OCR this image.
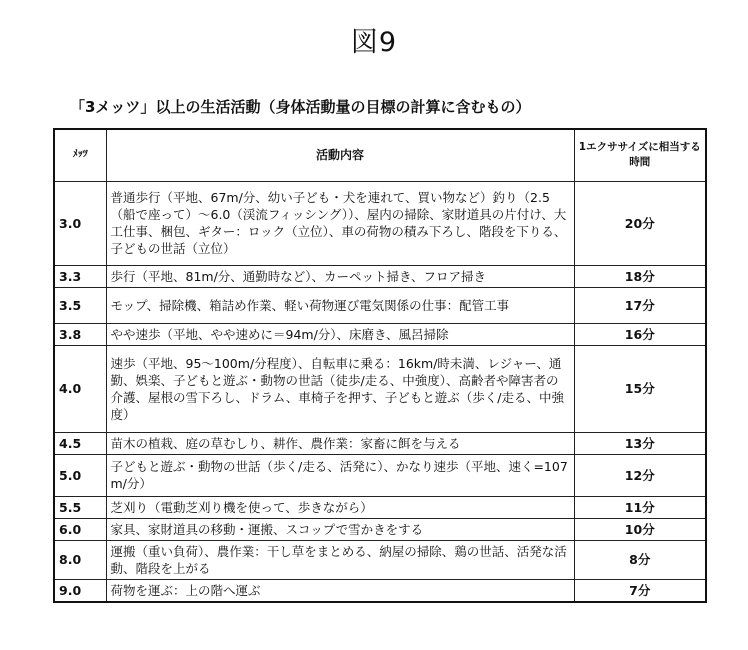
図9
「3メッツ」以上の生活活動（身体活動量の目標の計算に含むもの）
ﾒｯﾂ	活動内容	1エクササイズに相当する時間
3.0	普通歩行（平地、67m/分、幼い子ども・犬を連れて、買い物など）釣り（2.5（船で座って）～6.0（渓流フィッシング））、屋内の掃除、家財道具の片付け、大工仕事、梱包、ギター：ロック（立位）、車の荷物の積み下ろし、階段を下りる、子どもの世話（立位）	20分
3.3	歩行（平地、81m/分、通勤時など）、カーペット掃き、フロア掃き	18分
3.5	モップ、掃除機、箱詰め作業、軽い荷物運び電気関係の仕事：配管工事	17分
3.8	やや速歩（平地、やや速めに＝94m/分）、床磨き、風呂掃除	16分
4.0	速歩（平地、95～100m/分程度）、自転車に乗る：16km/時未満、レジャー、通勤、娯楽、子どもと遊ぶ・動物の世話（徒歩/走る、中強度）、高齢者や障害者の介護、屋根の雪下ろし、ドラム、車椅子を押す、子どもと遊ぶ（歩く/走る、中強度）	15分
4.5	苗木の植栽、庭の草むしり、耕作、農作業：家畜に餌を与える	13分
5.0	子どもと遊ぶ・動物の世話（歩く/走る、活発に）、かなり速歩（平地、速く=107m/分）	12分
5.5	芝刈り（電動芝刈り機を使って、歩きながら）	11分
6.0	家具、家財道具の移動・運搬、スコップで雪かきをする	10分
8.0	運搬（重い負荷）、農作業：干し草をまとめる、納屋の掃除、鶏の世話、活発な活動、階段を上がる	8分
9.0	荷物を運ぶ：上の階へ運ぶ	7分
